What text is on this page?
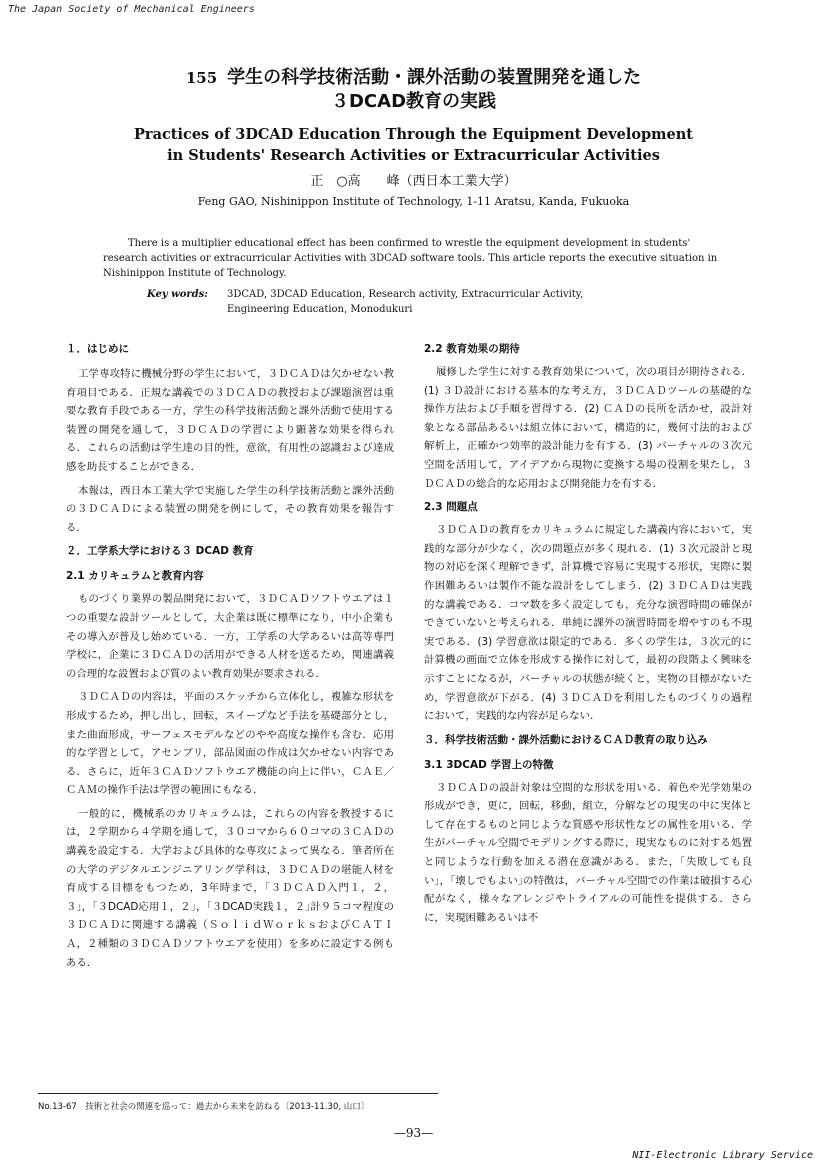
The Japan Society of Mechanical Engineers
155 学生の科学技術活動・課外活動の装置開発を通した
３DCAD教育の実践
Practices of 3DCAD Education Through the Equipment Development
in Students' Research Activities or Extracurricular Activities
正　○高　　峰（西日本工業大学）
Feng GAO, Nishinippon Institute of Technology, 1-11 Aratsu, Kanda, Fukuoka
There is a multiplier educational effect has been confirmed to wrestle the equipment development in students' research activities or extracurricular Activities with 3DCAD software tools. This article reports the executive situation in Nishinippon Institute of Technology.
Key words:	3DCAD, 3DCAD Education, Research activity, Extracurricular Activity, Engineering Education, Monodukuri
１．はじめに

工学専攻特に機械分野の学生において，３ＤＣＡＤは欠かせない教育項目である．正規な講義での３ＤＣＡＤの教授および課題演習は重要な教育手段である一方，学生の科学技術活動と課外活動で使用する装置の開発を通して，３ＤＣＡＤの学習により顕著な効果を得られる．これらの活動は学生達の目的性，意欲，有用性の認識および達成感を助長することができる．

本報は，西日本工業大学で実施した学生の科学技術活動と課外活動の３ＤＣＡＤによる装置の開発を例にして，その教育効果を報告する．

２．工学系大学における３ DCAD 教育
2.1 カリキュラムと教育内容

ものづくり業界の製品開発において，３ＤＣＡＤソフトウエアは１つの重要な設計ツールとして，大企業は既に標準になり，中小企業もその導入が普及し始めている．一方，工学系の大学あるいは高等専門学校に，企業に３ＤＣＡＤの活用ができる人材を送るため，関連講義の合理的な設置および質のよい教育効果が要求される．

３ＤＣＡＤの内容は，平面のスケッチから立体化し，複雑な形状を形成するため，押し出し，回転，スイープなど手法を基礎部分とし，また曲面形成，サーフェスモデルなどのやや高度な操作も含む．応用的な学習として，アセンブリ，部品図面の作成は欠かせない内容である．さらに，近年３ＣＡＤソフトウエア機能の向上に伴い，ＣＡＥ／ＣＡＭの操作手法は学習の範囲にもなる．

一般的に，機械系のカリキュラムは，これらの内容を教授するには，２学期から４学期を通して，３０コマから６０コマの３ＣＡＤの講義を設定する．大学および具体的な専攻によって異なる．筆者所在の大学のデジタルエンジニアリング学科は，３ＤＣＡＤの堪能人材を育成する目標をもつため，3年時まで，｢３ＤＣＡＤ入門１，２，３｣，｢３DCAD応用１，２｣，｢３DCAD実践１，２｣計９５コマ程度の３ＤＣＡＤに関連する講義（ＳｏｌｉｄＷｏｒｋｓおよびＣＡＴＩＡ，２種類の３ＤＣＡＤソフトウエアを使用）を多めに設定する例もある．

2.2 教育効果の期待

履修した学生に対する教育効果について，次の項目が期待される．(1) ３Ｄ設計における基本的な考え方，３ＤＣＡＤツールの基礎的な操作方法および手順を習得する．(2) ＣＡＤの長所を活かせ，設計対象となる部品あるいは組立体において，構造的に，幾何寸法的および解析上，正確かつ効率的設計能力を有する．(3) バーチャルの３次元空間を活用して，アイデアから現物に変換する場の役割を果たし，３ＤＣＡＤの総合的な応用および開発能力を有する．

2.3 問題点

３ＤＣＡＤの教育をカリキュラムに規定した講義内容において，実践的な部分が少なく，次の問題点が多く現れる．(1) ３次元設計と現物の対応を深く理解できず，計算機で容易に実現する形状，実際に製作困難あるいは製作不能な設計をしてしまう．(2) ３ＤＣＡＤは実践的な講義である．コマ数を多く設定しても，充分な演習時間の確保ができていないと考えられる．単純に課外の演習時間を増やすのも不現実である．(3) 学習意欲は限定的である．多くの学生は，３次元的に計算機の画面で立体を形成する操作に対して，最初の段階よく興味を示すことになるが，バーチャルの状態が続くと，実物の目標がないため，学習意欲が下がる．(4) ３ＤＣＡＤを利用したものづくりの過程において，実践的な内容が足らない．

３．科学技術活動・課外活動におけるＣＡＤ教育の取り込み
3.1 3DCAD 学習上の特徴

３ＤＣＡＤの設計対象は空間的な形状を用いる．着色や光学効果の形成ができ，更に，回転，移動，組立，分解などの現実の中に実体として存在するものと同じような質感や形状性などの属性を用いる．学生がバーチャル空間でモデリングする際に，現実なものに対する処置と同じような行動を加える潜在意識がある．また，｢失敗しても良い｣，｢壊しでもよい｣の特徴は，バーチャル空間での作業は破損する心配がなく，様々なアレンジやトライアルの可能性を提供する．さらに，実現困難あるいは不

No.13-67　技術と社会の関連を巡って：過去から未来を訪ねる〔2013-11.30, 山口〕
—93—
NII-Electronic Library Service
